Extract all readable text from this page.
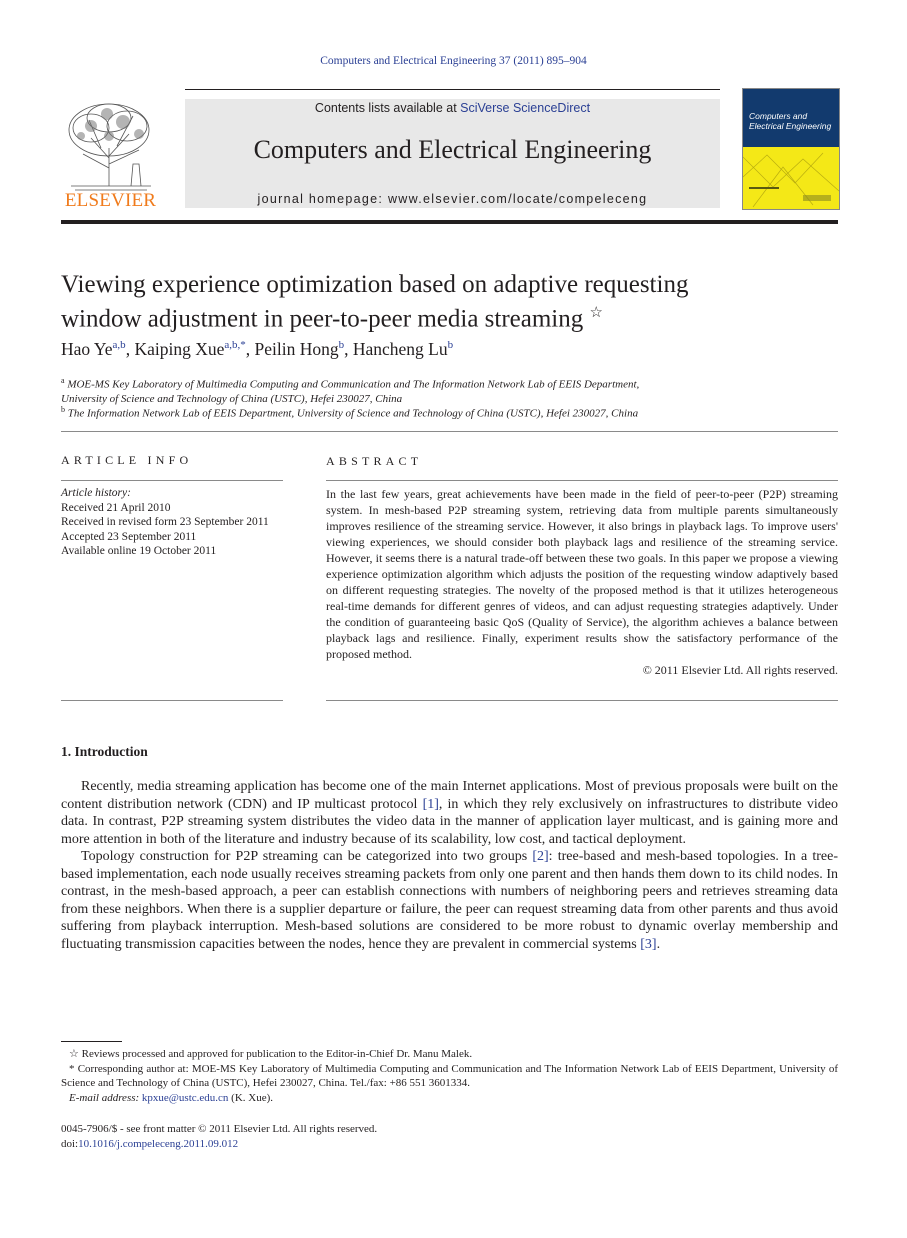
Computers and Electrical Engineering 37 (2011) 895–904
ELSEVIER
Contents lists available at SciVerse ScienceDirect
Computers and Electrical Engineering
journal homepage: www.elsevier.com/locate/compeleceng
Computers and
Electrical Engineering
Viewing experience optimization based on adaptive requesting
window adjustment in peer-to-peer media streaming ☆
Hao Ye$^{a,b}$, Kaiping Xue$^{a,b,*}$, Peilin Hong$^b$, Hancheng Lu$^b$
$^a$ MOE-MS Key Laboratory of Multimedia Computing and Communication and The Information Network Lab of EEIS Department,
University of Science and Technology of China (USTC), Hefei 230027, China
$^b$ The Information Network Lab of EEIS Department, University of Science and Technology of China (USTC), Hefei 230027, China
ARTICLE INFO
Article history:
Received 21 April 2010
Received in revised form 23 September 2011
Accepted 23 September 2011
Available online 19 October 2011
ABSTRACT
In the last few years, great achievements have been made in the field of peer-to-peer (P2P) streaming system. In mesh-based P2P streaming system, retrieving data from multiple parents simultaneously improves resilience of the streaming service. However, it also brings in playback lags. To improve users' viewing experiences, we should consider both playback lags and resilience of the streaming service. However, it seems there is a natural trade-off between these two goals. In this paper we propose a viewing experience optimization algorithm which adjusts the position of the requesting window adaptively based on different requesting strategies. The novelty of the proposed method is that it utilizes heterogeneous real-time demands for different genres of videos, and can adjust requesting strategies adaptively. Under the condition of guaranteeing basic QoS (Quality of Service), the algorithm achieves a balance between playback lags and resilience. Finally, experiment results show the satisfactory performance of the proposed method.
© 2011 Elsevier Ltd. All rights reserved.
1. Introduction

Recently, media streaming application has become one of the main Internet applications. Most of previous proposals were built on the content distribution network (CDN) and IP multicast protocol [1], in which they rely exclusively on infrastructures to distribute video data. In contrast, P2P streaming system distributes the video data in the manner of application layer multicast, and is gaining more and more attention in both of the literature and industry because of its scalability, low cost, and tactical deployment.

Topology construction for P2P streaming can be categorized into two groups [2]: tree-based and mesh-based topologies. In a tree-based implementation, each node usually receives streaming packets from only one parent and then hands them down to its child nodes. In contrast, in the mesh-based approach, a peer can establish connections with numbers of neighboring peers and retrieves streaming data from these neighbors. When there is a supplier departure or failure, the peer can request streaming data from other parents and thus avoid suffering from playback interruption. Mesh-based solutions are considered to be more robust to dynamic overlay membership and fluctuating transmission capacities between the nodes, hence they are prevalent in commercial systems [3].

☆ Reviews processed and approved for publication to the Editor-in-Chief Dr. Manu Malek.

* Corresponding author at: MOE-MS Key Laboratory of Multimedia Computing and Communication and The Information Network Lab of EEIS Department, University of Science and Technology of China (USTC), Hefei 230027, China. Tel./fax: +86 551 3601334.

E-mail address: kpxue@ustc.edu.cn (K. Xue).

0045-7906/$ - see front matter © 2011 Elsevier Ltd. All rights reserved.
doi:10.1016/j.compeleceng.2011.09.012
